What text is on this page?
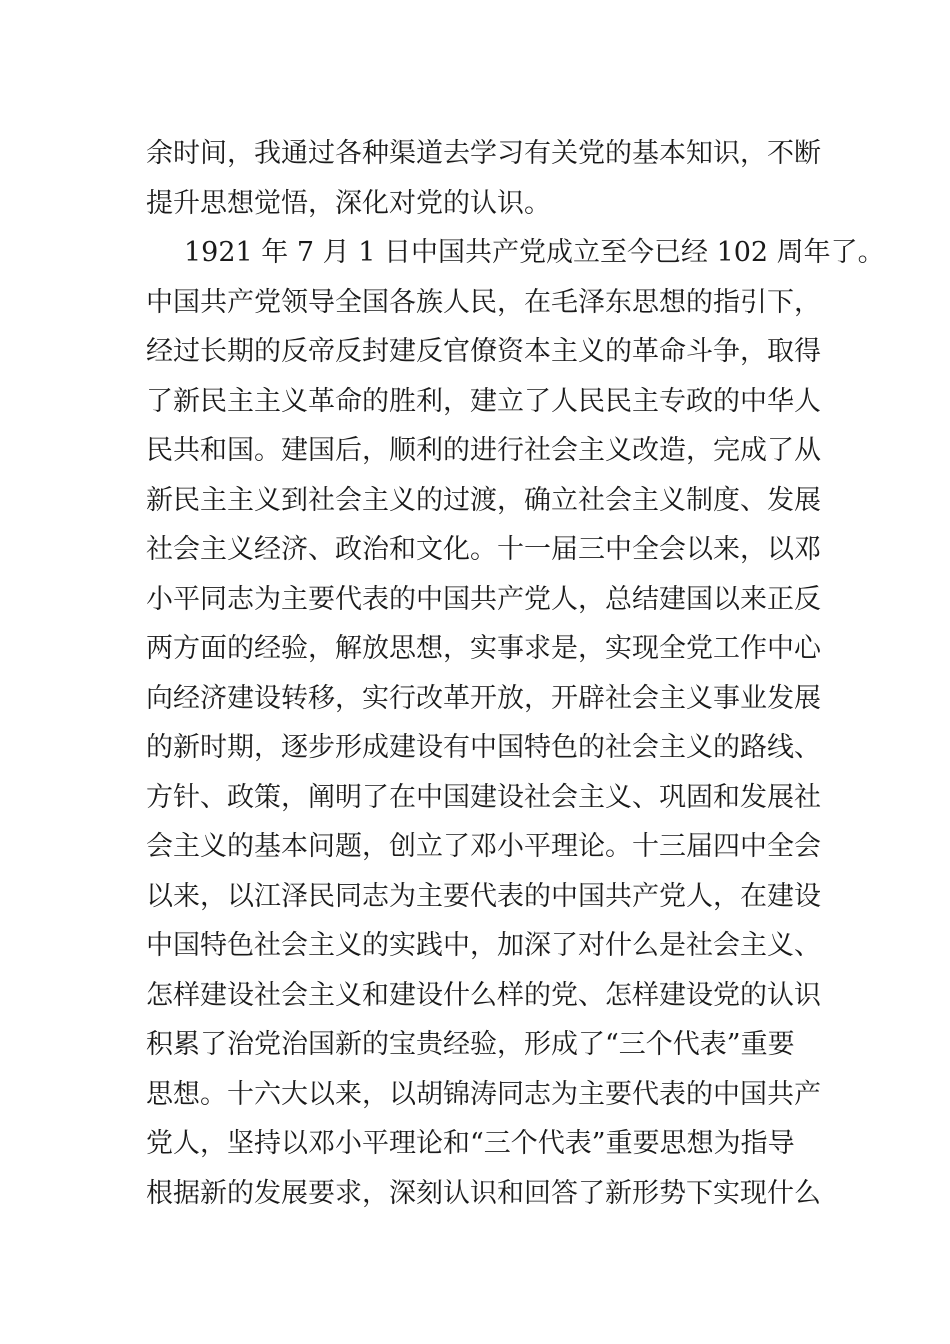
余时间，我通过各种渠道去学习有关党的基本知识，不断
提升思想觉悟，深化对党的认识。
1921 年 7 月 1 日中国共产党成立至今已经 102 周年了。
中国共产党领导全国各族人民，在毛泽东思想的指引下，
经过长期的反帝反封建反官僚资本主义的革命斗争，取得
了新民主主义革命的胜利，建立了人民民主专政的中华人
民共和国。建国后，顺利的进行社会主义改造，完成了从
新民主主义到社会主义的过渡，确立社会主义制度、发展
社会主义经济、政治和文化。十一届三中全会以来，以邓
小平同志为主要代表的中国共产党人，总结建国以来正反
两方面的经验，解放思想，实事求是，实现全党工作中心
向经济建设转移，实行改革开放，开辟社会主义事业发展
的新时期，逐步形成建设有中国特色的社会主义的路线、
方针、政策，阐明了在中国建设社会主义、巩固和发展社
会主义的基本问题，创立了邓小平理论。十三届四中全会
以来，以江泽民同志为主要代表的中国共产党人，在建设
中国特色社会主义的实践中，加深了对什么是社会主义、
怎样建设社会主义和建设什么样的党、怎样建设党的认识
积累了治党治国新的宝贵经验，形成了“三个代表”重要
思想。十六大以来，以胡锦涛同志为主要代表的中国共产
党人，坚持以邓小平理论和“三个代表”重要思想为指导
根据新的发展要求，深刻认识和回答了新形势下实现什么
